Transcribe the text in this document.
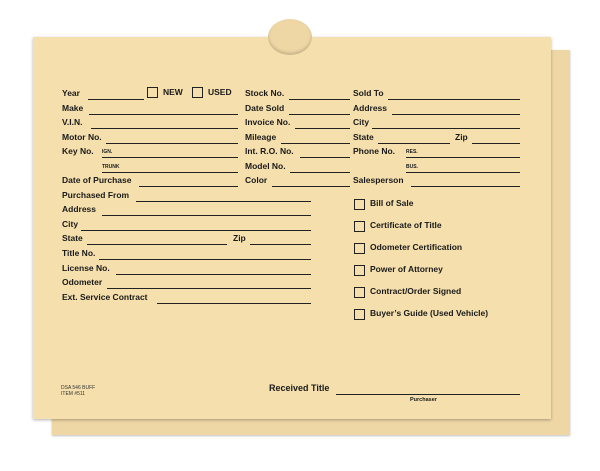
Year	NEW	USED
Make
V.I.N.
Motor No.
Key No. IGN.
TRUNK
Date of Purchase
Purchased From
Address
City
State	Zip
Title No.
License No.
Odometer
Ext. Service Contract
Stock No.
Date Sold
Invoice No.
Mileage
Int. R.O. No.
Model No.
Color
Sold To
Address
City
State	Zip
Phone No. RES.
BUS.
Salesperson
Bill of Sale
Certificate of Title
Odometer Certification
Power of Attorney
Contract/Order Signed
Buyer’s Guide (Used Vehicle)
Received Title
Purchaser
DSA 546 BUFF
ITEM #511
